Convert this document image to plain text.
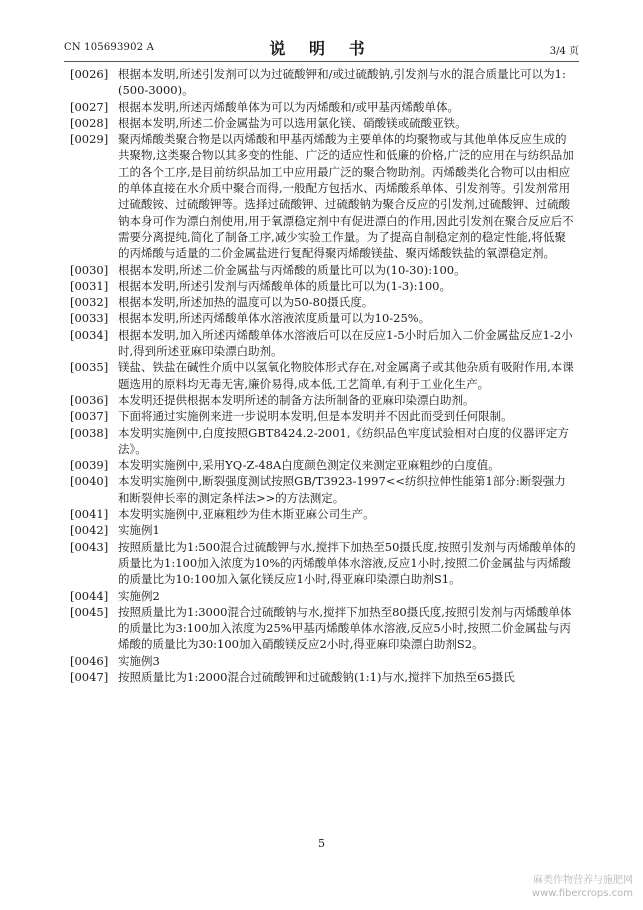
CN 105693902 A	说 明 书	3/4 页

[0026] 根据本发明,所述引发剂可以为过硫酸钾和/或过硫酸钠,引发剂与水的混合质量比可以为1:(500-3000)。

[0027] 根据本发明,所述丙烯酸单体为可以为丙烯酸和/或甲基丙烯酸单体。

[0028] 根据本发明,所述二价金属盐为可以选用氯化镁、硝酸镁或硫酸亚铁。

[0029] 聚丙烯酸类聚合物是以丙烯酸和甲基丙烯酸为主要单体的均聚物或与其他单体反应生成的共聚物,这类聚合物以其多变的性能、广泛的适应性和低廉的价格,广泛的应用在与纺织品加工的各个工序,是目前纺织品加工中应用最广泛的聚合物助剂。丙烯酸类化合物可以由相应的单体直接在水介质中聚合而得,一般配方包括水、丙烯酸系单体、引发剂等。引发剂常用过硫酸铵、过硫酸钾等。选择过硫酸钾、过硫酸钠为聚合反应的引发剂,过硫酸钾、过硫酸钠本身可作为漂白剂使用,用于氧漂稳定剂中有促进漂白的作用,因此引发剂在聚合反应后不需要分离提纯,简化了制备工序,减少实验工作量。为了提高自制稳定剂的稳定性能,将低聚的丙烯酸与适量的二价金属盐进行复配得聚丙烯酸镁盐、聚丙烯酸铁盐的氧漂稳定剂。

[0030] 根据本发明,所述二价金属盐与丙烯酸的质量比可以为(10-30):100。

[0031] 根据本发明,所述引发剂与丙烯酸单体的质量比可以为(1-3):100。

[0032] 根据本发明,所述加热的温度可以为50-80摄氏度。

[0033] 根据本发明,所述丙烯酸单体水溶液浓度质量可以为10-25%。

[0034] 根据本发明,加入所述丙烯酸单体水溶液后可以在反应1-5小时后加入二价金属盐反应1-2小时,得到所述亚麻印染漂白助剂。

[0035] 镁盐、铁盐在碱性介质中以氢氧化物胶体形式存在,对金属离子或其他杂质有吸附作用,本课题选用的原料均无毒无害,廉价易得,成本低,工艺简单,有利于工业化生产。

[0036] 本发明还提供根据本发明所述的制备方法所制备的亚麻印染漂白助剂。

[0037] 下面将通过实施例来进一步说明本发明,但是本发明并不因此而受到任何限制。

[0038] 本发明实施例中,白度按照GBT8424.2-2001,《纺织品色牢度试验相对白度的仪器评定方法》。

[0039] 本发明实施例中,采用YQ-Z-48A白度颜色测定仪来测定亚麻粗纱的白度值。

[0040] 本发明实施例中,断裂强度测试按照GB/T3923-1997<<纺织拉伸性能第1部分:断裂强力和断裂伸长率的测定条样法>>的方法测定。

[0041] 本发明实施例中,亚麻粗纱为佳木斯亚麻公司生产。

[0042] 实施例1

[0043] 按照质量比为1:500混合过硫酸钾与水,搅拌下加热至50摄氏度,按照引发剂与丙烯酸单体的质量比为1:100加入浓度为10%的丙烯酸单体水溶液,反应1小时,按照二价金属盐与丙烯酸的质量比为10:100加入氯化镁反应1小时,得亚麻印染漂白助剂S1。

[0044] 实施例2

[0045] 按照质量比为1:3000混合过硫酸钠与水,搅拌下加热至80摄氏度,按照引发剂与丙烯酸单体的质量比为3:100加入浓度为25%甲基丙烯酸单体水溶液,反应5小时,按照二价金属盐与丙烯酸的质量比为30:100加入硝酸镁反应2小时,得亚麻印染漂白助剂S2。

[0046] 实施例3

[0047] 按照质量比为1:2000混合过硫酸钾和过硫酸钠(1:1)与水,搅拌下加热至65摄氏

5
麻类作物营养与施肥网
www.fibercrops.com
